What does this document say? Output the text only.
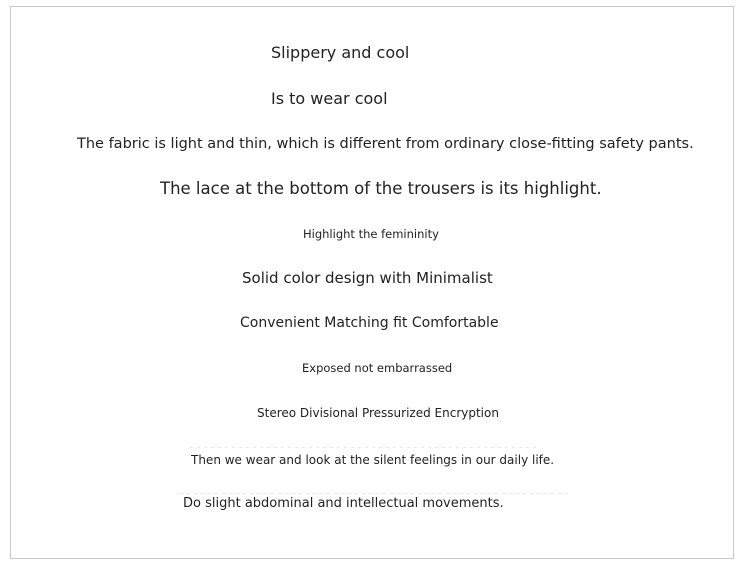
Slippery and cool
Is to wear cool
The fabric is light and thin, which is different from ordinary close-fitting safety pants.
The lace at the bottom of the trousers is its highlight.
Highlight the femininity
Solid color design with Minimalist
Convenient Matching fit Comfortable
Exposed not embarrassed
Stereo Divisional Pressurized Encryption
Then we wear and look at the silent feelings in our daily life.
Do slight abdominal and intellectual movements.
